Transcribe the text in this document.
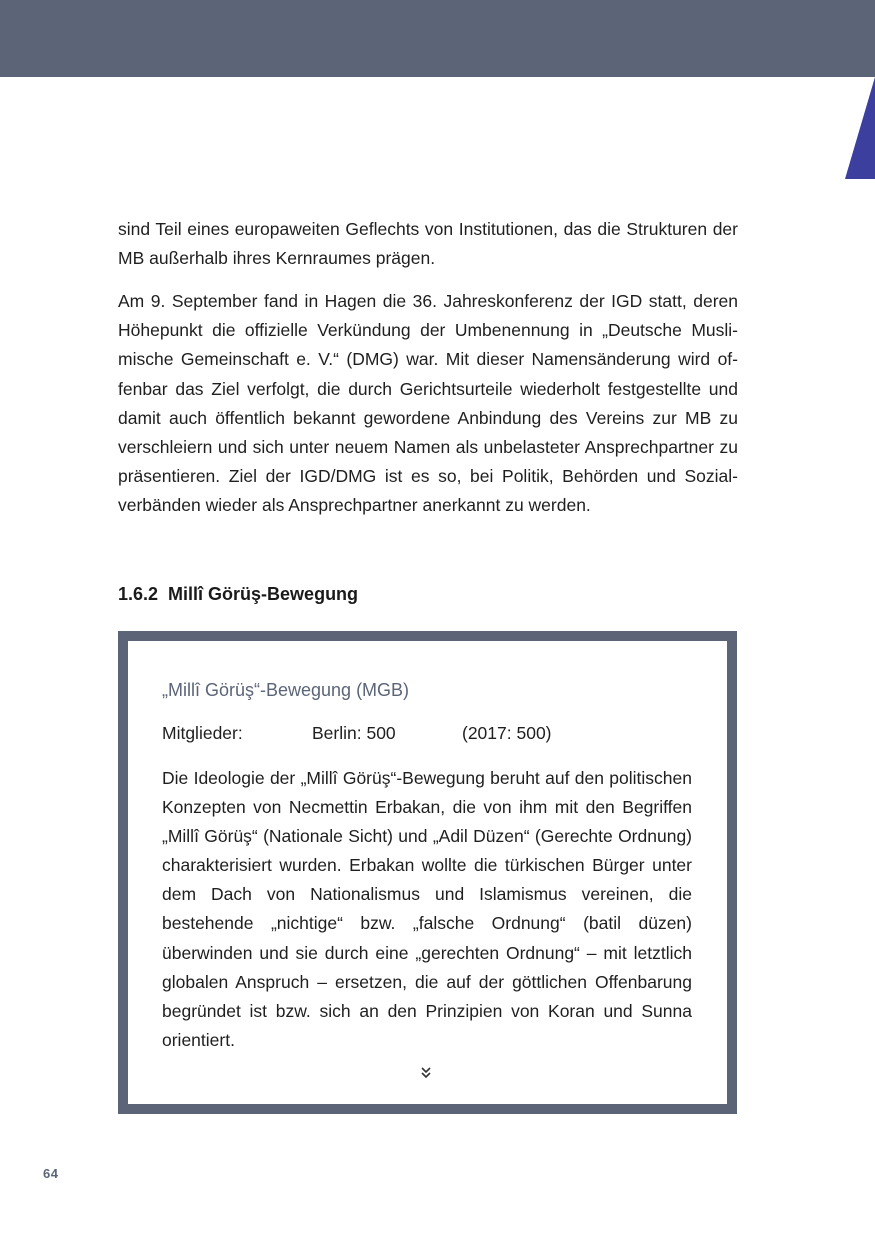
sind Teil eines europaweiten Geflechts von Institutionen, das die Strukturen der MB außerhalb ihres Kernraumes prägen.

Am 9. September fand in Hagen die 36. Jahreskonferenz der IGD statt, deren Höhepunkt die offizielle Verkündung der Umbenennung in „Deutsche Muslimische Gemeinschaft e. V.“ (DMG) war. Mit dieser Namensänderung wird offenbar das Ziel verfolgt, die durch Gerichtsurteile wiederholt festgestellte und damit auch öffentlich bekannt gewordene Anbindung des Vereins zur MB zu verschleiern und sich unter neuem Namen als unbelasteter Ansprechpartner zu präsentieren. Ziel der IGD/DMG ist es so, bei Politik, Behörden und Sozialverbänden wieder als Ansprechpartner anerkannt zu werden.

1.6.2 Millî Görüş-Bewegung
„Millî Görüş“-Bewegung (MGB)
Mitglieder:	Berlin: 500	(2017: 500)

Die Ideologie der „Millî Görüş“-Bewegung beruht auf den politischen Konzepten von Necmettin Erbakan, die von ihm mit den Begriffen „Millî Görüş“ (Nationale Sicht) und „Adil Düzen“ (Gerechte Ordnung) charakterisiert wurden. Erbakan wollte die türkischen Bürger unter dem Dach von Nationalismus und Islamismus vereinen, die bestehende „nichtige“ bzw. „falsche Ordnung“ (batil düzen) überwinden und sie durch eine „gerechten Ordnung“ – mit letztlich globalen Anspruch – ersetzen, die auf der göttlichen Offenbarung begründet ist bzw. sich an den Prinzipien von Koran und Sunna orientiert.

64
